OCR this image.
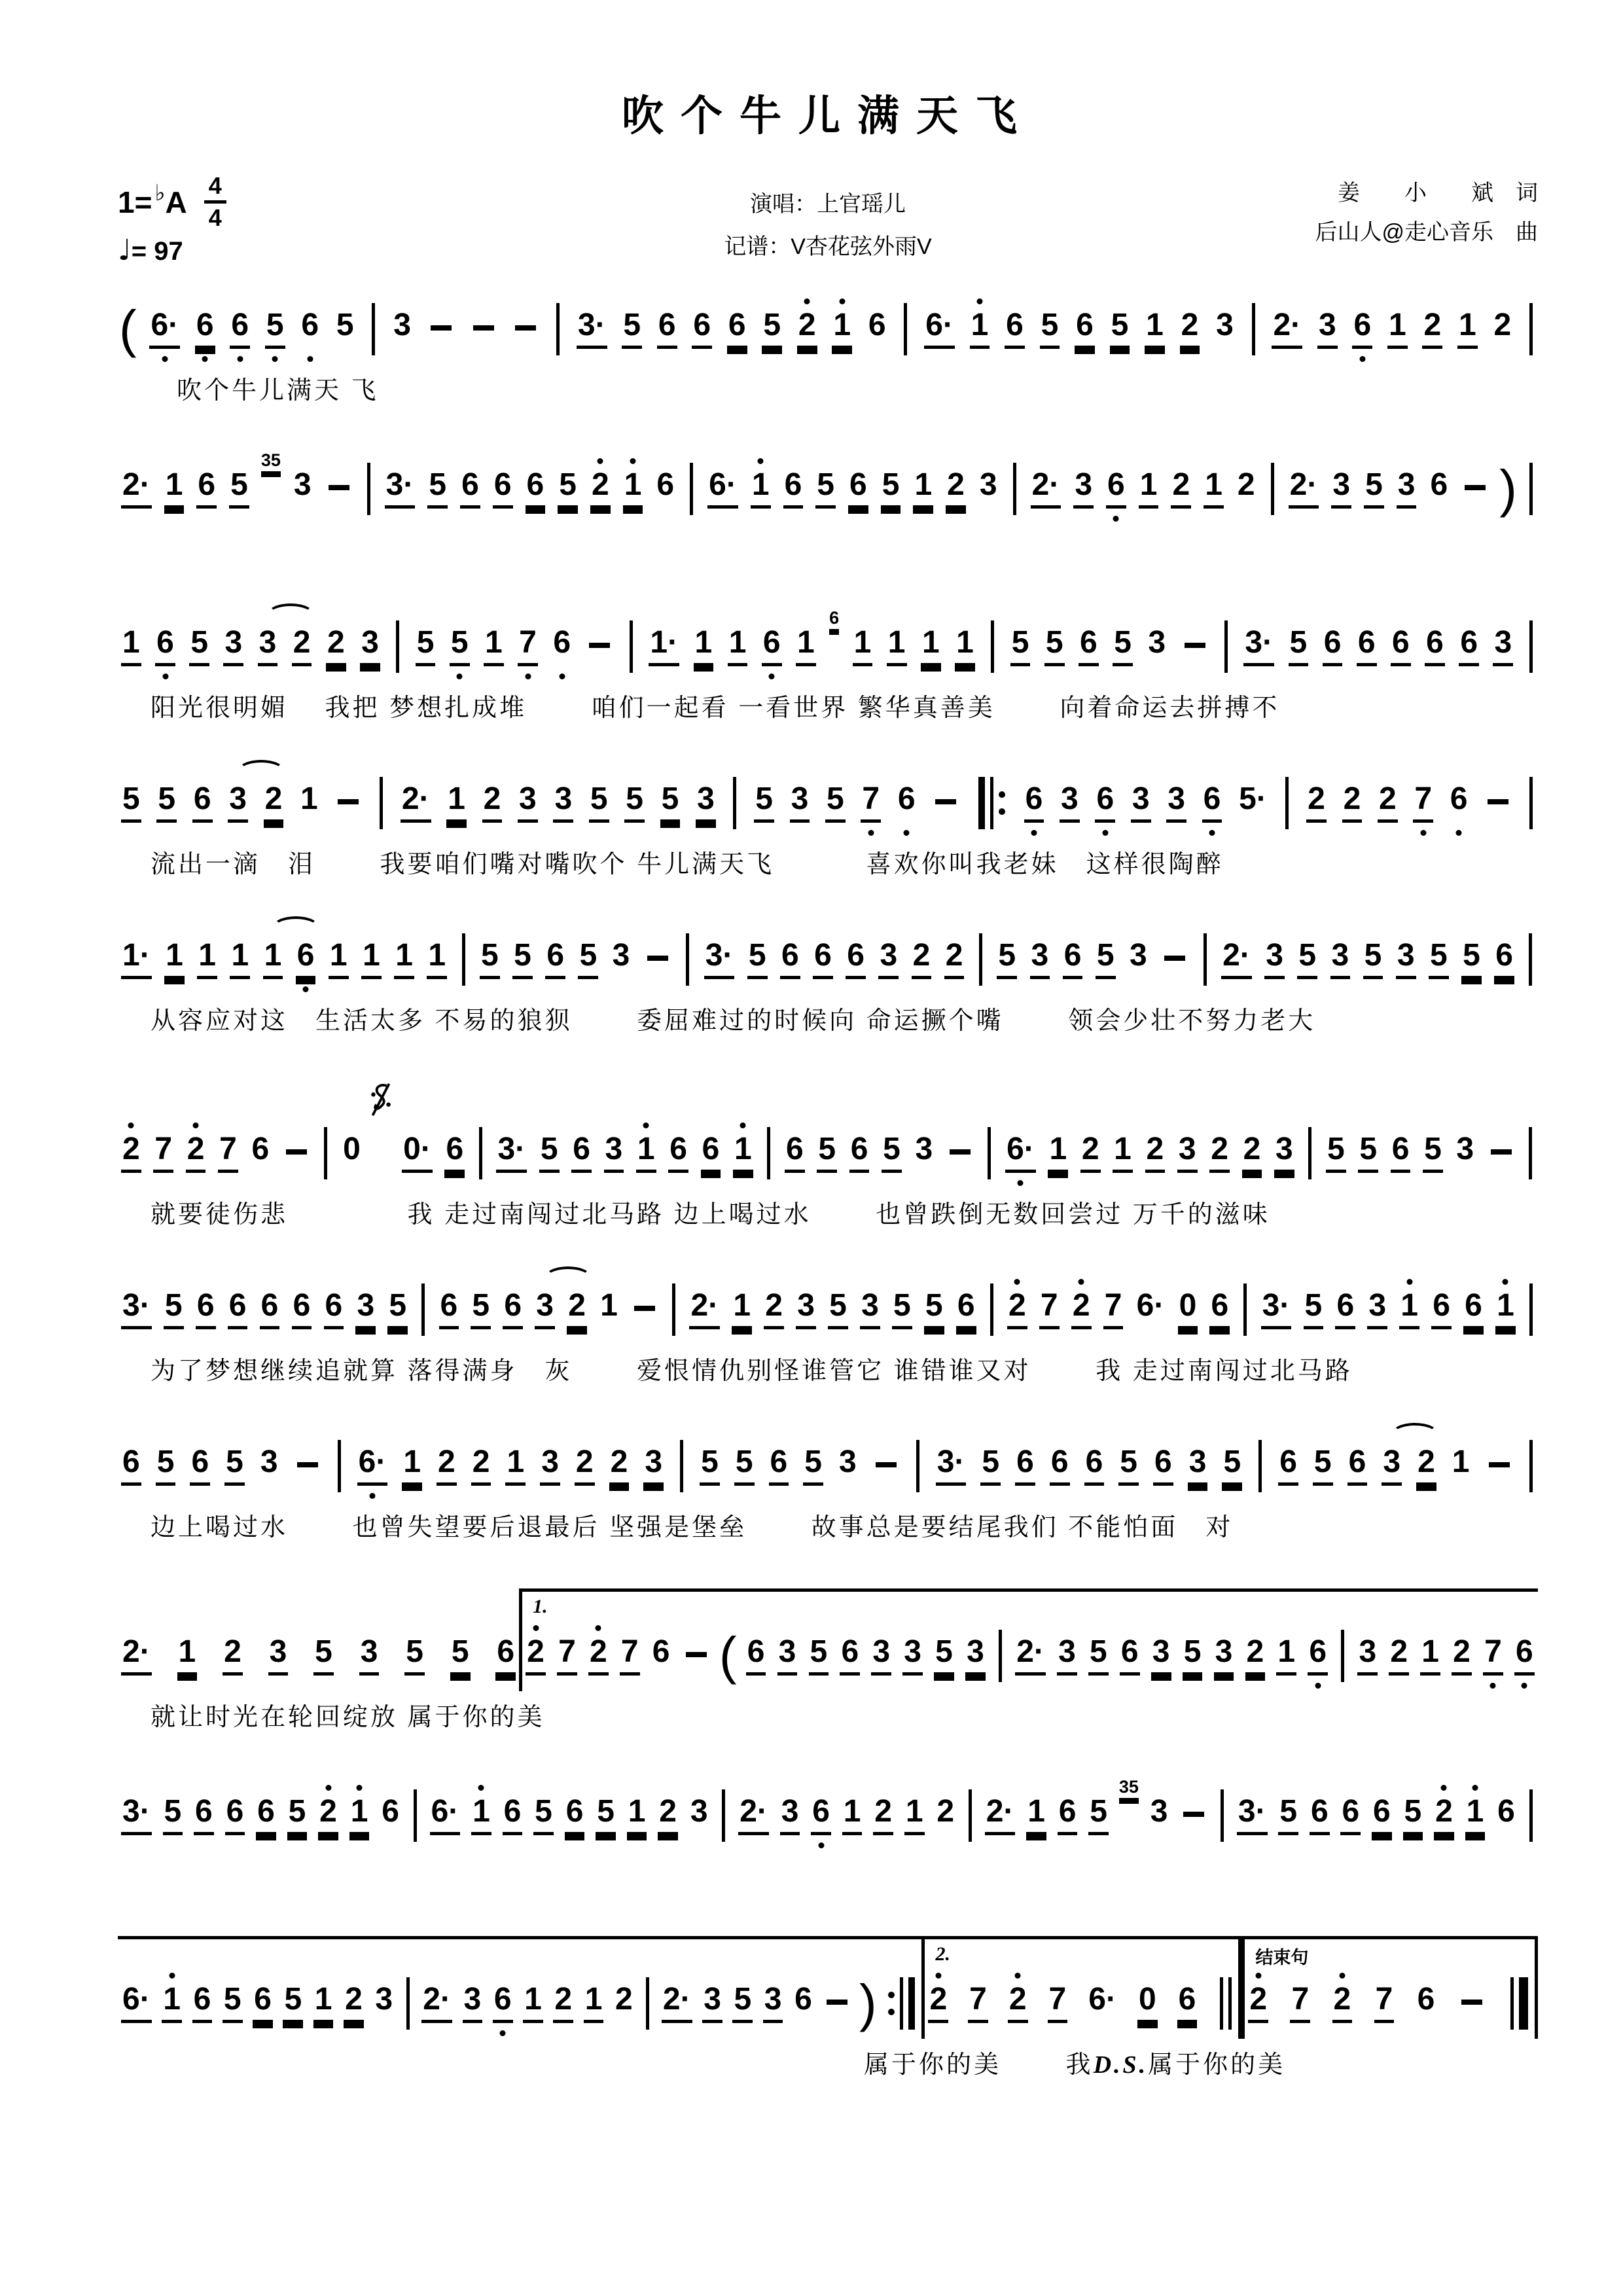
吹个牛儿满天飞
1= ♭ A 4
4
♩= 97
演唱：上官瑶儿
记谱：V杏花弦外雨V
姜　　小　　斌　词
后山人@走心音乐　曲
( 6· 6 6 5 6 5 3	3· 5 6 6 6 5 2 1 6 6· 1 6 5 6 5 1 2 3 2· 3 6 1 2 1 2
吹个牛儿满天 飞
2· 1 6 5
35
3 3· 5 6 6 6 5 2 1 6 6· 1 6 5 6 5 1 2 3 2· 3 6 1 2 1 2 2· 3 5 3 6 )
1 6 5 3 3 2 2 3 5 5 1 7 6	1· 1 1 6 1
6
1 1 1 1 5 5 6 5 3	3· 5 6 6 6 6 6 3
阳光很明媚　 我把 梦想扎成堆　　 咱们一起看 一看世界 繁华真善美　　 向着命运去拼搏不
5 5 6 3 2 1	2· 1 2 3 3 5 5 5 3 5 3 5 7 6	6 3 6 3 3 6 5· 2 2 2 7 6
流出一滴　泪　　 我要咱们嘴对嘴吹个 牛儿满天飞　　　 喜欢你叫我老妹　这样很陶醉
1· 1 1 1 1 6 1 1 1 1 5 5 6 5 3 3· 5 6 6 6 3 2 2 5 3 6 5 3 2· 3 5 3 5 3 5 5 6
从容应对这　生活太多 不易的狼狈　　 委屈难过的时候向 命运撅个嘴　　 领会少壮不努力老大
2 7 2 7 6 0 0· 6 3· 5 6 3 1 6 6 1 6 5 6 5 3 6· 1 2 1 2 3 2 2 3 5 5 6 5 3
就要徒伤悲　　　　 我 走过南闯过北马路 边上喝过水　　 也曾跌倒无数回尝过 万千的滋味
3· 5 6 6 6 6 6 3 5 6 5 6 3 2 1 2· 1 2 3 5 3 5 5 6 2 7 2 7 6· 0 6 3· 5 6 3 1 6 6 1
为了梦想继续追就算 落得满身　灰　　 爱恨情仇别怪谁管它 谁错谁又对　　 我 走过南闯过北马路
6 5 6 5 3	6· 1 2 2 1 3 2 2 3 5 5 6 5 3	3· 5 6 6 6 5 6 3 5 6 5 6 3 2 1
边上喝过水　　 也曾失望要后退最后 坚强是堡垒　　 故事总是要结尾我们 不能怕面　对
2· 1 2 3 5 3 5 5 6
1.
2 7 2 7 6 ( 6 3 5 6 3 3 5 3 2· 3 5 6 3 5 3 2 1 6 3 2 1 2 7 6
就让时光在轮回绽放 属于你的美
3· 5 6 6 6 5 2 1 6 6· 1 6 5 6 5 1 2 3 2· 3 6 1 2 1 2 2· 1 6 5
35
3 3· 5 6 6 6 5 2 1 6
6· 1 6 5 6 5 1 2 3 2· 3 6 1 2 1 2 2· 3 5 3 6 )
2.
2 7 2 7 6· 0 6
结束句
2 7 2 7 6
属于你的美　　 我D.S.属于你的美
